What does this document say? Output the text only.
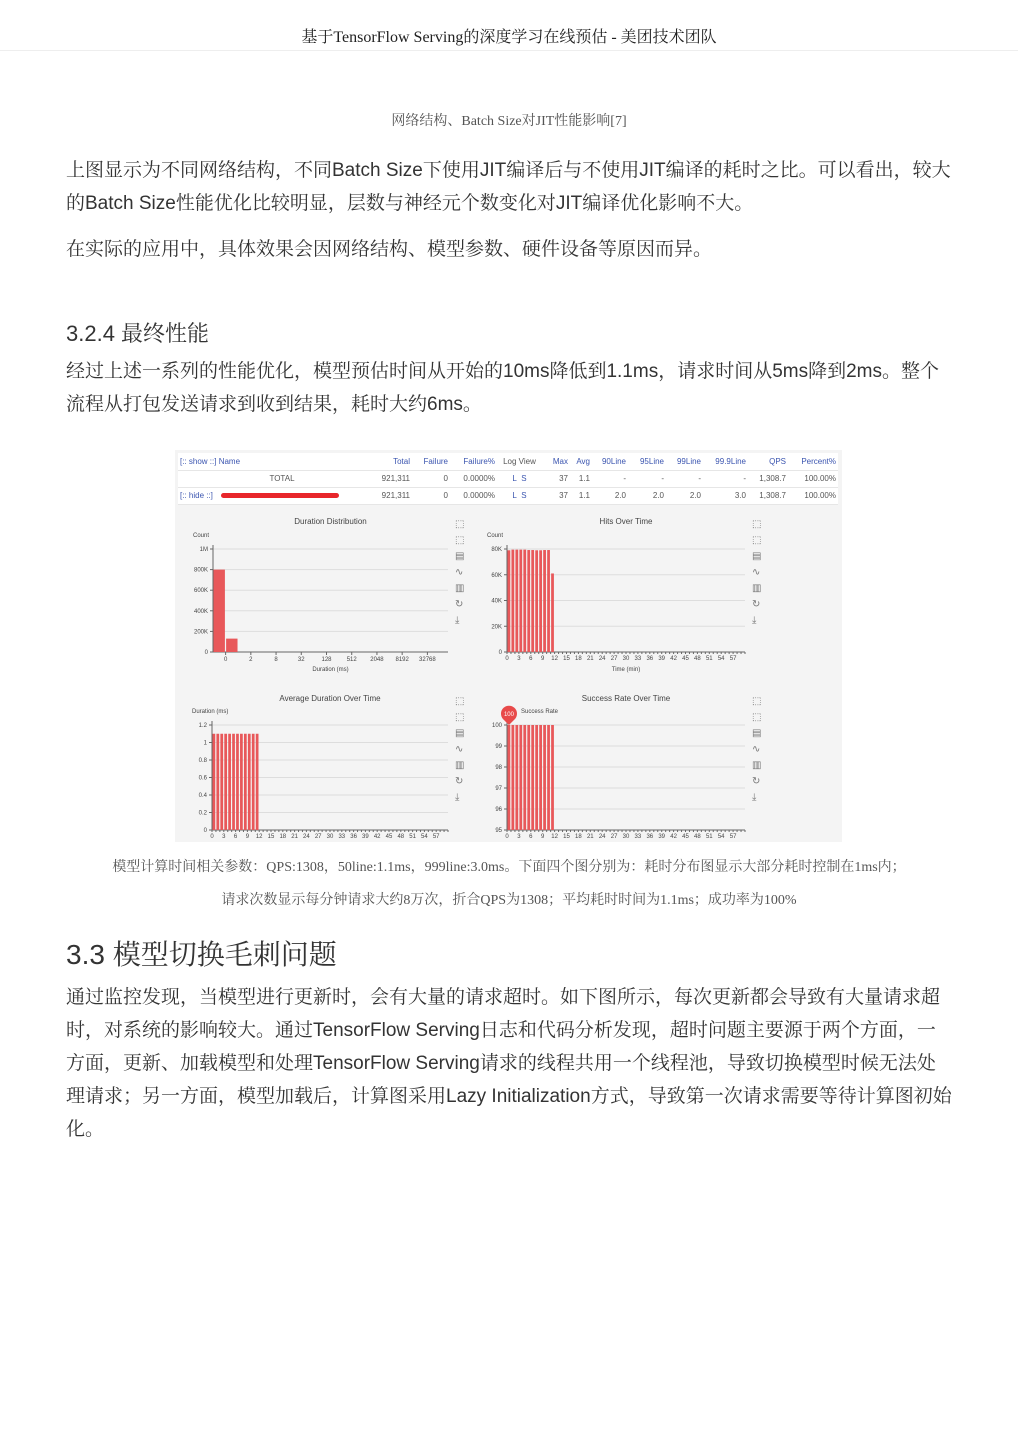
基于TensorFlow Serving的深度学习在线预估 - 美团技术团队
网络结构、Batch Size对JIT性能影响[7]
上图显示为不同网络结构，不同Batch Size下使用JIT编译后与不使用JIT编译的耗时之比。可以看出，较大的Batch Size性能优化比较明显，层数与神经元个数变化对JIT编译优化影响不大。
在实际的应用中，具体效果会因网络结构、模型参数、硬件设备等原因而异。
3.2.4 最终性能
经过上述一系列的性能优化，模型预估时间从开始的10ms降低到1.1ms，请求时间从5ms降到2ms。整个流程从打包发送请求到收到结果，耗时大约6ms。
[:: show ::] Name	Total	Failure	Failure%	Log View	Max	Avg	90Line	95Line	99Line	99.9Line	QPS	Percent%
TOTAL	921,311	0	0.0000%	L S	37	1.1	-	-	-	-	1,308.7	100.00%
[:: hide ::]	921,311	0	0.0000%	L S	37	1.1	2.0	2.0	2.0	3.0	1,308.7	100.00%
Duration Distribution
Count
0
200K
400K
600K
800K
1M
0	2	8	32	128	512 2048 8192 32768
Duration (ms)
⬚
⬚
▤
∿
▥
↻
⤓
Hits Over Time
Count
0
20K
40K
60K
80K
0 3 6 9 12 15 18 21 24 27 30 33 36 39 42 45 48 51 54 57
Time (min)
⬚
⬚
▤
∿
▥
↻
⤓
Average Duration Over Time
Duration (ms)
0
0.2
0.4
0.6
0.8
1
1.2
0 3 6 9 12 15 18 21 24 27 30 33 36 39 42 45 48 51 54 57
⬚
⬚
▤
∿
▥
↻
⤓
Success Rate Over Time
Success Rate
95
96
97
98
99
100
0 3 6 9 12 15 18 21 24 27 30 33 36 39 42 45 48 51 54 57
100
⬚
⬚
▤
∿
▥
↻
⤓
模型计算时间相关参数：QPS:1308，50line:1.1ms，999line:3.0ms。下面四个图分别为：耗时分布图显示大部分耗时控制在1ms内；
请求次数显示每分钟请求大约8万次，折合QPS为1308；平均耗时时间为1.1ms；成功率为100%
3.3 模型切换毛刺问题
通过监控发现，当模型进行更新时，会有大量的请求超时。如下图所示，每次更新都会导致有大量请求超时，对系统的影响较大。通过TensorFlow Serving日志和代码分析发现，超时问题主要源于两个方面，一方面，更新、加载模型和处理TensorFlow Serving请求的线程共用一个线程池，导致切换模型时候无法处理请求；另一方面，模型加载后，计算图采用Lazy Initialization方式，导致第一次请求需要等待计算图初始化。
